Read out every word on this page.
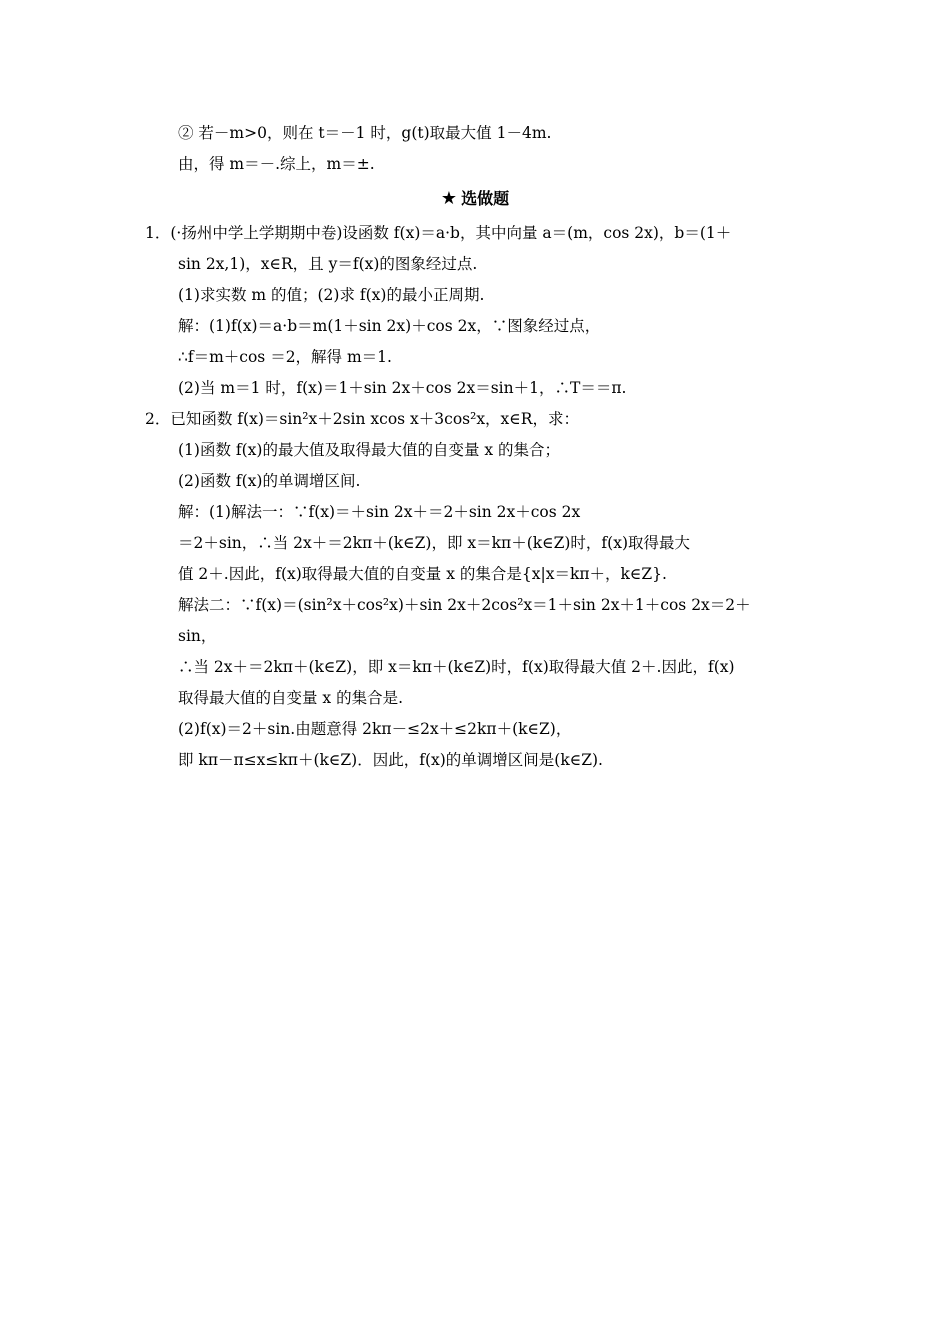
② 若－m>0，则在 t＝－1 时，g(t)取最大值 1－4m.
由，得 m＝－.综上，m＝±.
★ 选做题
1．(·扬州中学上学期期中卷)设函数 f(x)＝a·b，其中向量 a＝(m，cos 2x)，b＝(1＋
sin 2x,1)，x∈R，且 y＝f(x)的图象经过点.
(1)求实数 m 的值；(2)求 f(x)的最小正周期.
解：(1)f(x)＝a·b＝m(1＋sin 2x)＋cos 2x，∵图象经过点，
∴f＝m＋cos ＝2，解得 m＝1.
(2)当 m＝1 时，f(x)＝1＋sin 2x＋cos 2x＝sin＋1，∴T＝＝π.
2．已知函数 f(x)＝sin²x＋2sin xcos x＋3cos²x，x∈R，求：
(1)函数 f(x)的最大值及取得最大值的自变量 x 的集合；
(2)函数 f(x)的单调增区间.
解：(1)解法一：∵f(x)＝＋sin 2x＋＝2＋sin 2x＋cos 2x
＝2＋sin，∴当 2x＋＝2kπ＋(k∈Z)，即 x＝kπ＋(k∈Z)时，f(x)取得最大
值 2＋.因此，f(x)取得最大值的自变量 x 的集合是{x|x＝kπ＋，k∈Z}.
解法二：∵f(x)＝(sin²x＋cos²x)＋sin 2x＋2cos²x＝1＋sin 2x＋1＋cos 2x＝2＋
sin，
∴当 2x＋＝2kπ＋(k∈Z)，即 x＝kπ＋(k∈Z)时，f(x)取得最大值 2＋.因此，f(x)
取得最大值的自变量 x 的集合是.
(2)f(x)＝2＋sin.由题意得 2kπ－≤2x＋≤2kπ＋(k∈Z)，
即 kπ－π≤x≤kπ＋(k∈Z)．因此，f(x)的单调增区间是(k∈Z).
